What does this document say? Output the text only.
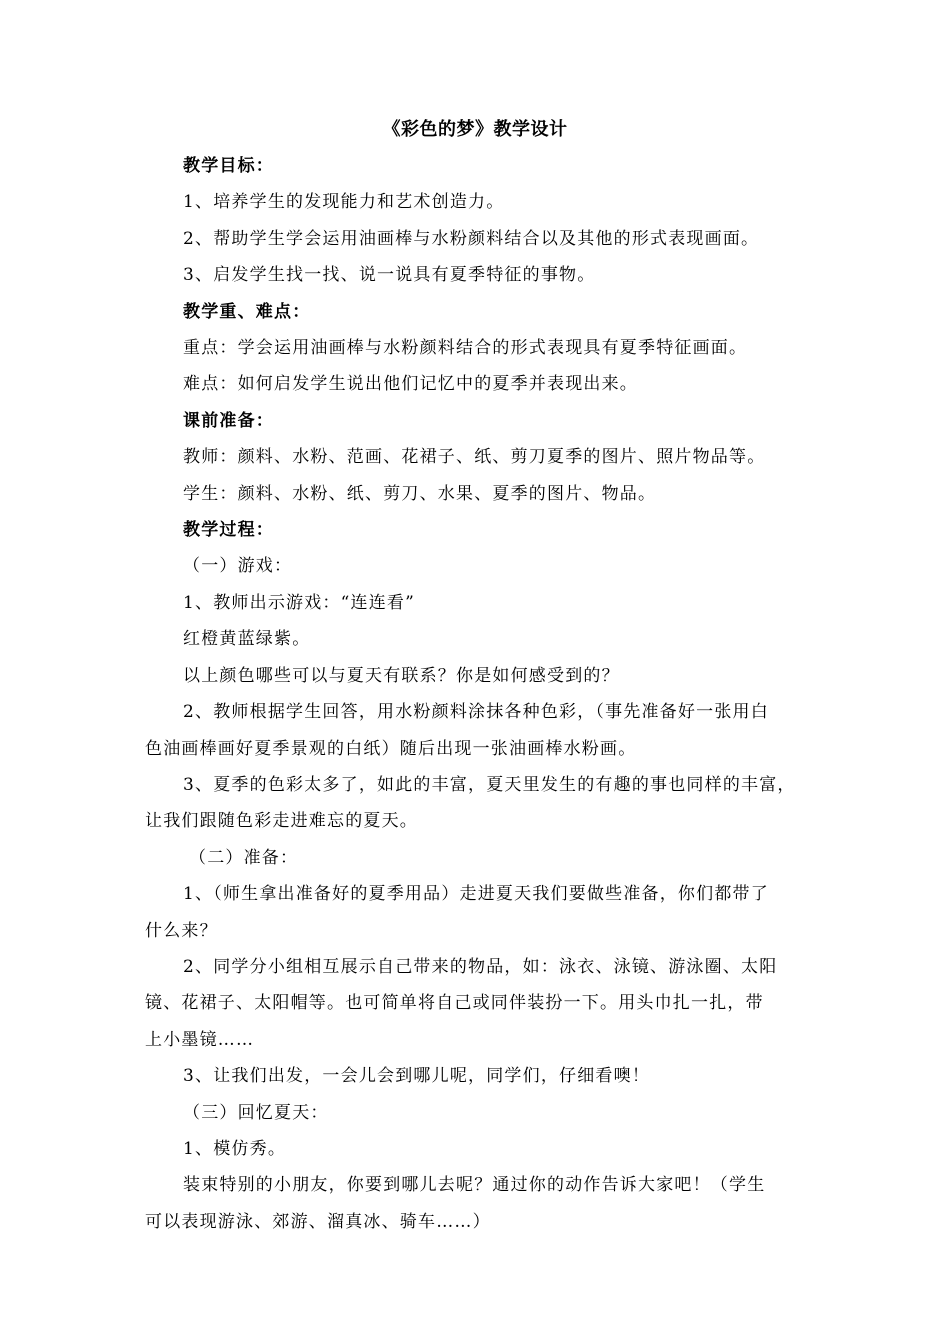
《彩色的梦》教学设计
教学目标：
1、培养学生的发现能力和艺术创造力。
2、帮助学生学会运用油画棒与水粉颜料结合以及其他的形式表现画面。
3、启发学生找一找、说一说具有夏季特征的事物。
教学重、难点：
重点：学会运用油画棒与水粉颜料结合的形式表现具有夏季特征画面。
难点：如何启发学生说出他们记忆中的夏季并表现出来。
课前准备：
教师：颜料、水粉、范画、花裙子、纸、剪刀夏季的图片、照片物品等。
学生：颜料、水粉、纸、剪刀、水果、夏季的图片、物品。
教学过程：
（一）游戏：
1、教师出示游戏：“连连看”
红橙黄蓝绿紫。
以上颜色哪些可以与夏天有联系？你是如何感受到的？
2、教师根据学生回答，用水粉颜料涂抹各种色彩，（事先准备好一张用白
色油画棒画好夏季景观的白纸）随后出现一张油画棒水粉画。
3、夏季的色彩太多了，如此的丰富，夏天里发生的有趣的事也同样的丰富，
让我们跟随色彩走进难忘的夏天。
（二）准备：
1、（师生拿出准备好的夏季用品）走进夏天我们要做些准备，你们都带了
什么来？
2、同学分小组相互展示自己带来的物品，如：泳衣、泳镜、游泳圈、太阳
镜、花裙子、太阳帽等。也可简单将自己或同伴装扮一下。用头巾扎一扎，带
上小墨镜……
3、让我们出发，一会儿会到哪儿呢，同学们，仔细看噢！
（三）回忆夏天：
1、模仿秀。
装束特别的小朋友，你要到哪儿去呢？通过你的动作告诉大家吧！（学生
可以表现游泳、郊游、溜真冰、骑车……）
